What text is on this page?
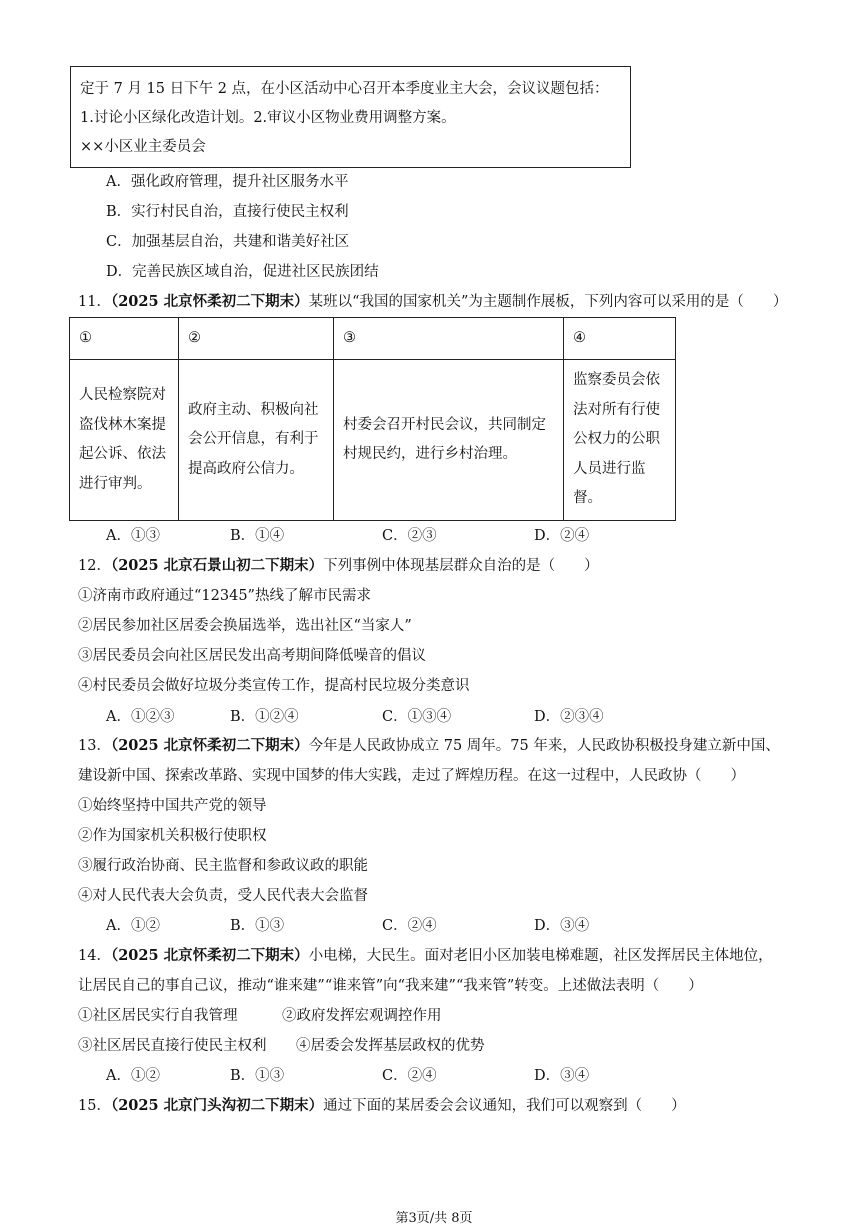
定于 7 月 15 日下午 2 点，在小区活动中心召开本季度业主大会，会议议题包括：
1.讨论小区绿化改造计划。2.审议小区物业费用调整方案。
××小区业主委员会
A．强化政府管理，提升社区服务水平
B．实行村民自治，直接行使民主权利
C．加强基层自治，共建和谐美好社区
D．完善民族区域自治，促进社区民族团结
11．（2025 北京怀柔初二下期末）某班以“我国的国家机关”为主题制作展板，下列内容可以采用的是（　　）
①	②	③	④

人民检察院对盗伐林木案提起公诉、依法进行审判。	政府主动、积极向社会公开信息，有利于提高政府公信力。	村委会召开村民会议，共同制定村规民约，进行乡村治理。	监察委员会依法对所有行使公权力的公职人员进行监督。
A．①③	B．①④	C．②③	D．②④
12．（2025 北京石景山初二下期末）下列事例中体现基层群众自治的是（　　）
①济南市政府通过“12345”热线了解市民需求
②居民参加社区居委会换届选举，选出社区“当家人”
③居民委员会向社区居民发出高考期间降低噪音的倡议
④村民委员会做好垃圾分类宣传工作，提高村民垃圾分类意识
A．①②③	B．①②④	C．①③④	D．②③④
13．（2025 北京怀柔初二下期末）今年是人民政协成立 75 周年。75 年来，人民政协积极投身建立新中国、
建设新中国、探索改革路、实现中国梦的伟大实践，走过了辉煌历程。在这一过程中，人民政协（　　）
①始终坚持中国共产党的领导
②作为国家机关积极行使职权
③履行政治协商、民主监督和参政议政的职能
④对人民代表大会负责，受人民代表大会监督
A．①②	B．①③	C．②④	D．③④
14．（2025 北京怀柔初二下期末）小电梯，大民生。面对老旧小区加装电梯难题，社区发挥居民主体地位，
让居民自己的事自己议，推动“谁来建”“谁来管”向“我来建”“我来管”转变。上述做法表明（　　）
①社区居民实行自我管理	②政府发挥宏观调控作用
③社区居民直接行使民主权利 ④居委会发挥基层政权的优势
A．①②	B．①③	C．②④	D．③④
15．（2025 北京门头沟初二下期末）通过下面的某居委会会议通知，我们可以观察到（　　）
第3页/共 8页
